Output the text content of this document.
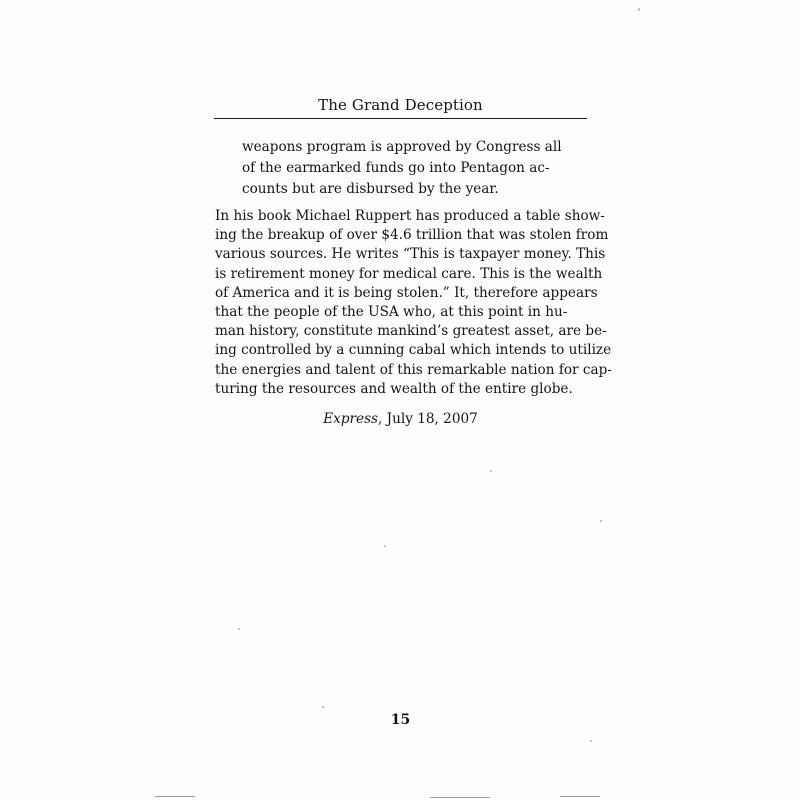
The Grand Deception
weapons program is approved by Congress all
of the earmarked funds go into Pentagon ac-
counts but are disbursed by the year.
In his book Michael Ruppert has produced a table show-
ing the breakup of over $4.6 trillion that was stolen from
various sources. He writes “This is taxpayer money. This
is retirement money for medical care. This is the wealth
of America and it is being stolen.” It, therefore appears
that the people of the USA who, at this point in hu-
man history, constitute mankind’s greatest asset, are be-
ing controlled by a cunning cabal which intends to utilize
the energies and talent of this remarkable nation for cap-
turing the resources and wealth of the entire globe.
Express, July 18, 2007
15
